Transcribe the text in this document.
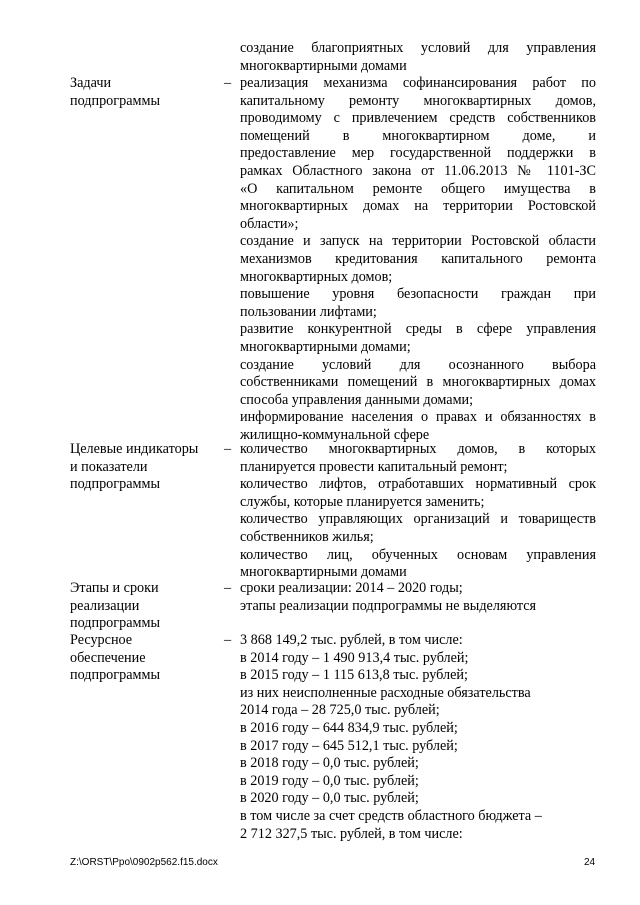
создание благоприятных условий для управления
многоквартирными домами

Задачи
подпрограммы
– реализация механизма софинансирования работ по
капитальному ремонту многоквартирных домов,
проводимому с привлечением средств собственников
помещений в многоквартирном доме, и
предоставление мер государственной поддержки в
рамках Областного закона от 11.06.2013 № 1101-ЗС
«О капитальном ремонте общего имущества в
многоквартирных домах на территории Ростовской
области»;

создание и запуск на территории Ростовской области
механизмов кредитования капитального ремонта
многоквартирных домов;

повышение уровня безопасности граждан при
пользовании лифтами;

развитие конкурентной среды в сфере управления
многоквартирными домами;

создание условий для осознанного выбора
собственниками помещений в многоквартирных домах
способа управления данными домами;

информирование населения о правах и обязанностях в
жилищно-коммунальной сфере

Целевые индикаторы
и показатели
подпрограммы
– количество многоквартирных домов, в которых
планируется провести капитальный ремонт;

количество лифтов, отработавших нормативный срок
службы, которые планируется заменить;

количество управляющих организаций и товариществ
собственников жилья;

количество лиц, обученных основам управления
многоквартирными домами

Этапы и сроки
реализации
подпрограммы
– сроки реализации: 2014 – 2020 годы;

этапы реализации подпрограммы не выделяются

Ресурсное
обеспечение
подпрограммы
– 3 868 149,2 тыс. рублей, в том числе:
в 2014 году – 1 490 913,4 тыс. рублей;
в 2015 году – 1 115 613,8 тыс. рублей;
из них неисполненные расходные обязательства
2014 года – 28 725,0 тыс. рублей;
в 2016 году – 644 834,9 тыс. рублей;
в 2017 году – 645 512,1 тыс. рублей;
в 2018 году – 0,0 тыс. рублей;
в 2019 году – 0,0 тыс. рублей;
в 2020 году – 0,0 тыс. рублей;
в том числе за счет средств областного бюджета –
2 712 327,5 тыс. рублей, в том числе:
Z:\ORST\Ppo\0902p562.f15.docx	24
